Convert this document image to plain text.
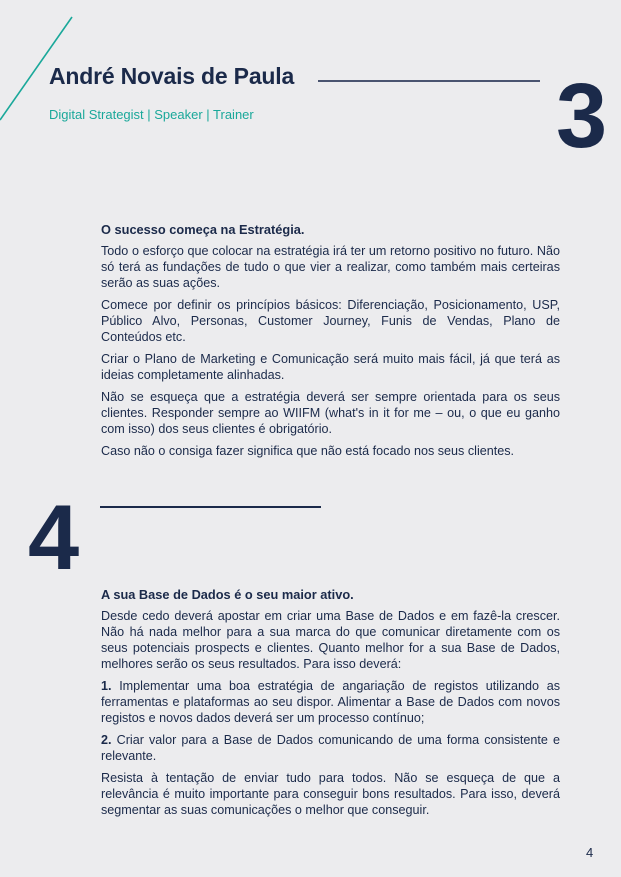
André Novais de Paula
Digital Strategist | Speaker | Trainer	3
O sucesso começa na Estratégia.

Todo o esforço que colocar na estratégia irá ter um retorno positivo no futuro. Não só terá as fundações de tudo o que vier a realizar, como também mais certeiras serão as suas ações.

Comece por definir os princípios básicos: Diferenciação, Posicionamento, USP, Público Alvo, Personas, Customer Journey, Funis de Vendas, Plano de Conteúdos etc.

Criar o Plano de Marketing e Comunicação será muito mais fácil, já que terá as ideias completamente alinhadas.

Não se esqueça que a estratégia deverá ser sempre orientada para os seus clientes. Responder sempre ao WIIFM (what's in it for me – ou, o que eu ganho com isso) dos seus clientes é obrigatório.

Caso não o consiga fazer significa que não está focado nos seus clientes.

4
A sua Base de Dados é o seu maior ativo.

Desde cedo deverá apostar em criar uma Base de Dados e em fazê-la crescer. Não há nada melhor para a sua marca do que comunicar diretamente com os seus potenciais prospects e clientes. Quanto melhor for a sua Base de Dados, melhores serão os seus resultados. Para isso deverá:

1. Implementar uma boa estratégia de angariação de registos utilizando as ferramentas e plataformas ao seu dispor. Alimentar a Base de Dados com novos registos e novos dados deverá ser um processo contínuo;

2. Criar valor para a Base de Dados comunicando de uma forma consistente e relevante.

Resista à tentação de enviar tudo para todos. Não se esqueça de que a relevância é muito importante para conseguir bons resultados. Para isso, deverá segmentar as suas comunicações o melhor que conseguir.

4
